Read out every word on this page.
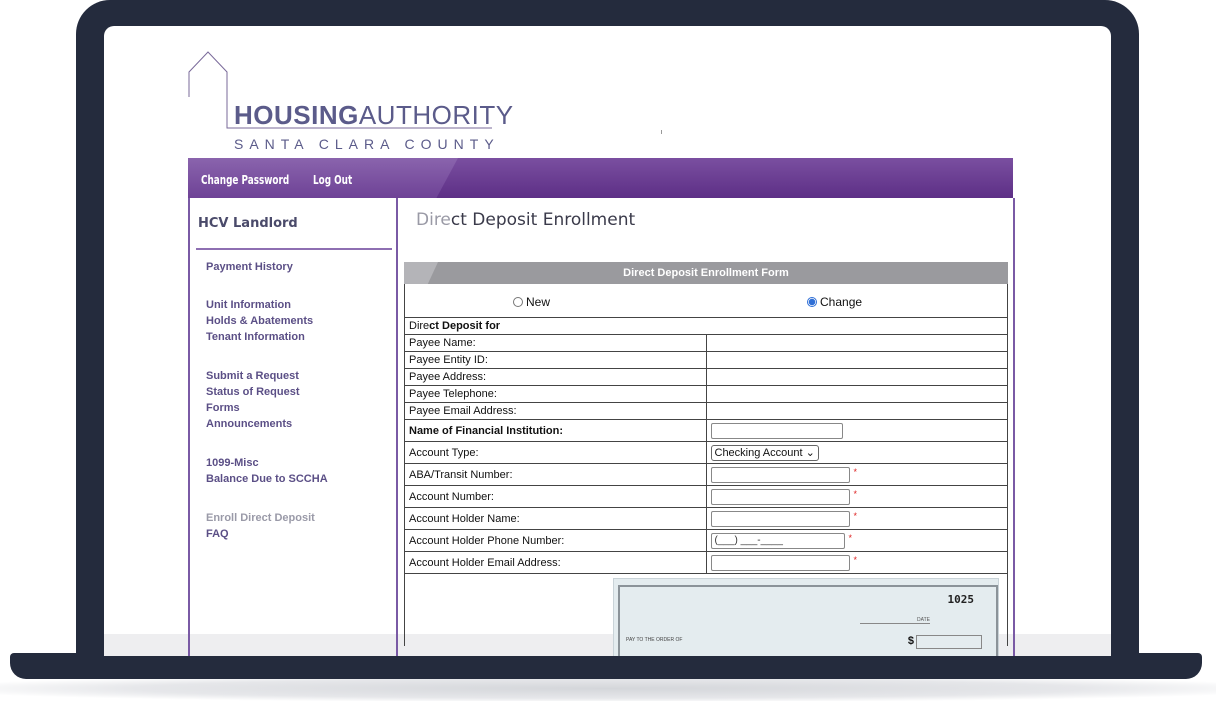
HOUSINGAUTHORITY
SANTA CLARA COUNTY
Change Password Log Out
HCV Landlord
Payment History
Unit Information
Holds & Abatements
Tenant Information
Submit a Request
Status of Request
Forms
Announcements
1099-Misc
Balance Due to SCCHA
Enroll Direct Deposit
FAQ
Direct Deposit Enrollment
Direct Deposit Enrollment Form
New	Change
Direct Deposit for	
Payee Name:	
Payee Entity ID:	
Payee Address:	
Payee Telephone:	
Payee Email Address:	
Name of Financial Institution:	
Account Type:	Checking Account ⌄
ABA/Transit Number:	*
Account Number:	*
Account Holder Name:	*
Account Holder Phone Number:	(___) ___-____ *
Account Holder Email Address:	*
1025
DATE
PAY TO THE ORDER OF	$
